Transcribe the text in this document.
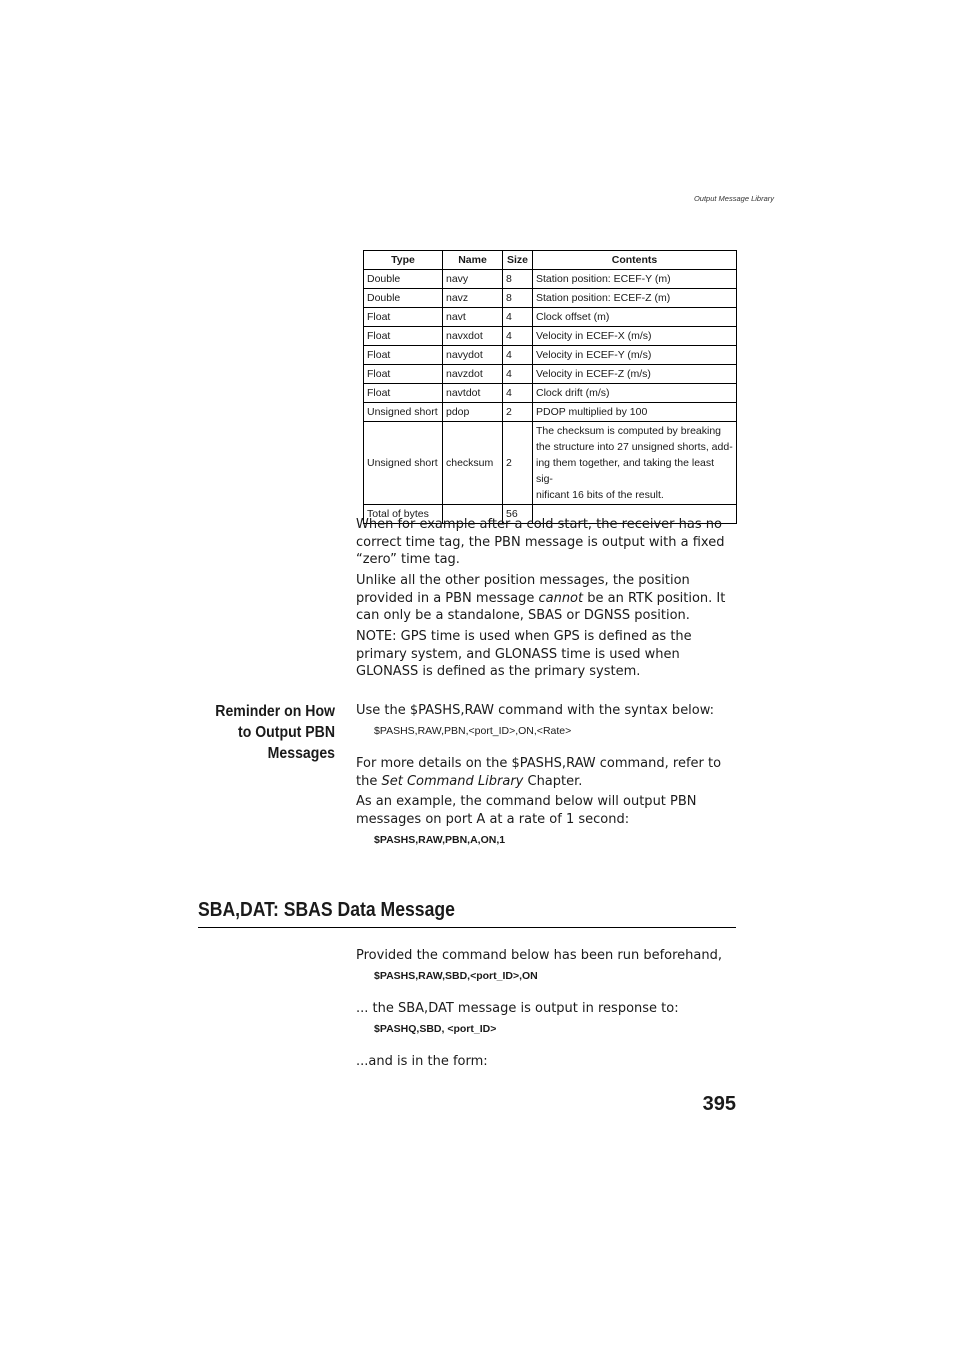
Output Message Library
Type	Name	Size	Contents
Double	navy	8	Station position: ECEF-Y (m)

Double	navz	8	Station position: ECEF-Z (m)

Float	navt	4	Clock offset (m)

Float	navxdot	4	Velocity in ECEF-X (m/s)

Float	navydot	4	Velocity in ECEF-Y (m/s)

Float	navzdot	4	Velocity in ECEF-Z (m/s)

Float	navtdot	4	Clock drift (m/s)

Unsigned short	pdop	2	PDOP multiplied by 100

Unsigned short	checksum	2	The checksum is computed by breaking
the structure into 27 unsigned shorts, add-
ing them together, and taking the least sig-
nificant 16 bits of the result.

Total of bytes		56	

When for example after a cold start, the receiver has no correct time tag, the PBN message is output with a fixed “zero” time tag.

Unlike all the other position messages, the position provided in a PBN message cannot be an RTK position. It can only be a standalone, SBAS or DGNSS position.

NOTE: GPS time is used when GPS is defined as the primary system, and GLONASS time is used when GLONASS is defined as the primary system.

Reminder on How
to Output PBN
Messages

Use the $PASHS,RAW command with the syntax below:

$PASHS,RAW,PBN,<port_ID>,ON,<Rate>

For more details on the $PASHS,RAW command, refer to the Set Command Library Chapter.

As an example, the command below will output PBN messages on port A at a rate of 1 second:

$PASHS,RAW,PBN,A,ON,1

SBA,DAT: SBAS Data Message

Provided the command below has been run beforehand,

$PASHS,RAW,SBD,<port_ID>,ON

... the SBA,DAT message is output in response to:

$PASHQ,SBD, <port_ID>

...and is in the form:

395
